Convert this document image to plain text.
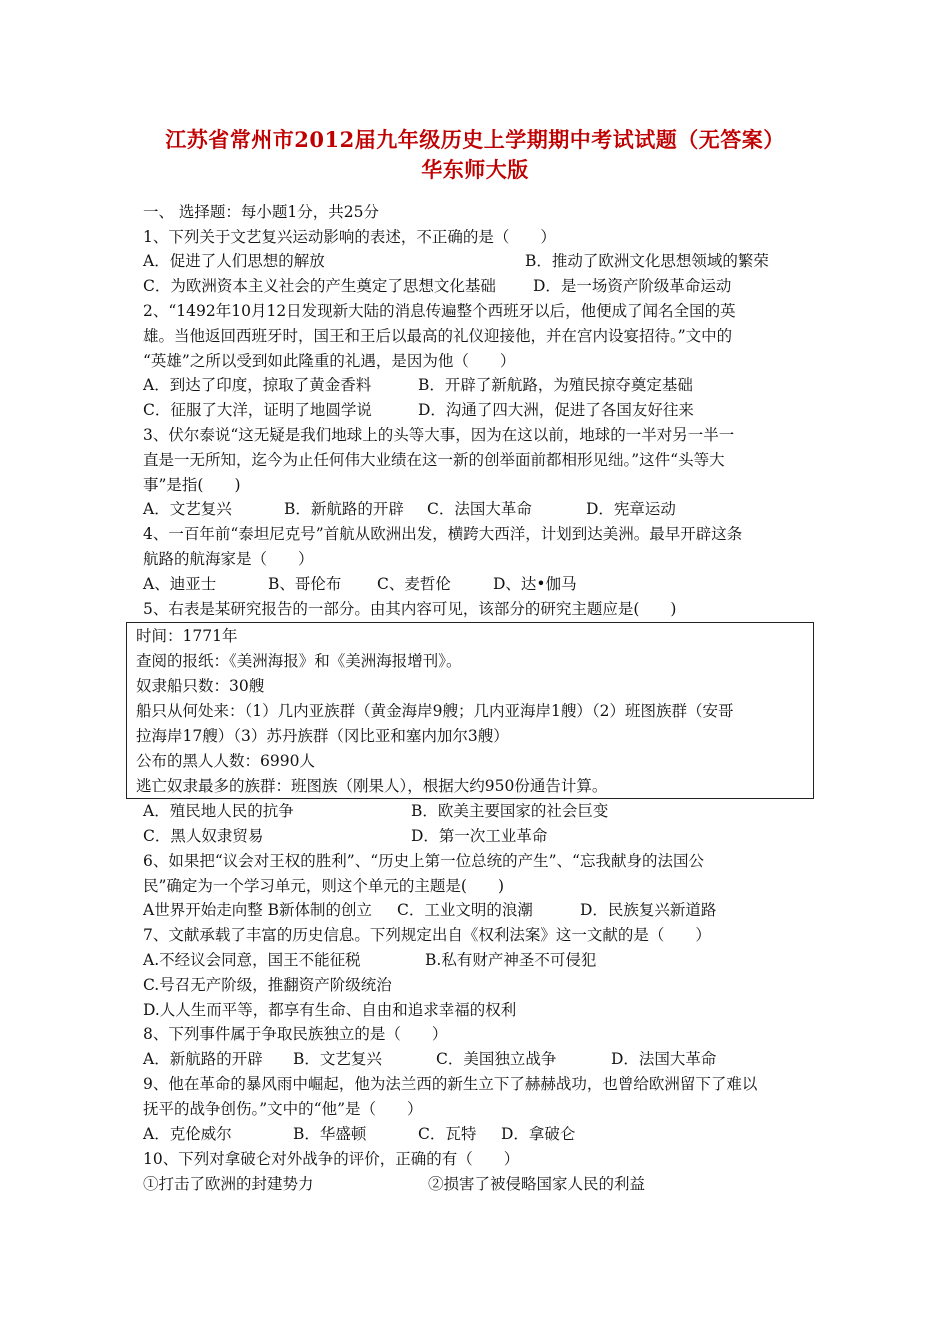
江苏省常州市2012届九年级历史上学期期中考试试题（无答案）
华东师大版
一、 选择题：每小题1分，共25分
1、下列关于文艺复兴运动影响的表述，不正确的是（　　）
A．促进了人们思想的解放	B．推动了欧洲文化思想领域的繁荣
C．为欧洲资本主义社会的产生奠定了思想文化基础 D．是一场资产阶级革命运动
2、“1492年10月12日发现新大陆的消息传遍整个西班牙以后，他便成了闻名全国的英
雄。当他返回西班牙时，国王和王后以最高的礼仪迎接他，并在宫内设宴招待。”文中的
“英雄”之所以受到如此隆重的礼遇，是因为他（　　）
A．到达了印度，掠取了黄金香料	B．开辟了新航路，为殖民掠夺奠定基础
C．征服了大洋，证明了地圆学说	D．沟通了四大洲，促进了各国友好往来
3、伏尔泰说“这无疑是我们地球上的头等大事，因为在这以前，地球的一半对另一半一
直是一无所知，迄今为止任何伟大业绩在这一新的创举面前都相形见绌。”这件“头等大
事”是指(　　)
A．文艺复兴	B．新航路的开辟 C．法国大革命	D．宪章运动
4、一百年前“泰坦尼克号”首航从欧洲出发，横跨大西洋，计划到达美洲。最早开辟这条
航路的航海家是（　　）
A、迪亚士	B、哥伦布 C、麦哲伦	D、达•伽马
5、右表是某研究报告的一部分。由其内容可见，该部分的研究主题应是(　　)
时间：1771年
查阅的报纸：《美洲海报》和《美洲海报增刊》。
奴隶船只数：30艘
船只从何处来：（1）几内亚族群（黄金海岸9艘；几内亚海岸1艘）（2）班图族群（安哥
拉海岸17艘）（3）苏丹族群（冈比亚和塞内加尔3艘）
公布的黑人人数：6990人
逃亡奴隶最多的族群：班图族（刚果人），根据大约950份通告计算。
A．殖民地人民的抗争	B．欧美主要国家的社会巨变
C．黑人奴隶贸易	D．第一次工业革命
6、如果把“议会对王权的胜利”、“历史上第一位总统的产生”、“忘我献身的法国公
民”确定为一个学习单元，则这个单元的主题是(　　)
A世界开始走向整 B新体制的创立 C．工业文明的浪潮	D．民族复兴新道路
7、文献承载了丰富的历史信息。下列规定出自《权利法案》这一文献的是（　　）
A.不经议会同意，国王不能征税	B.私有财产神圣不可侵犯
C.号召无产阶级，推翻资产阶级统治
D.人人生而平等，都享有生命、自由和追求幸福的权利
8、下列事件属于争取民族独立的是（　　）
A．新航路的开辟 B．文艺复兴	C．美国独立战争	D．法国大革命
9、他在革命的暴风雨中崛起，他为法兰西的新生立下了赫赫战功，也曾给欧洲留下了难以
抚平的战争创伤。”文中的“他”是（　　）
A．克伦威尔	B．华盛顿	C．瓦特 D．拿破仑
10、下列对拿破仑对外战争的评价，正确的有（　　）
①打击了欧洲的封建势力	②损害了被侵略国家人民的利益
